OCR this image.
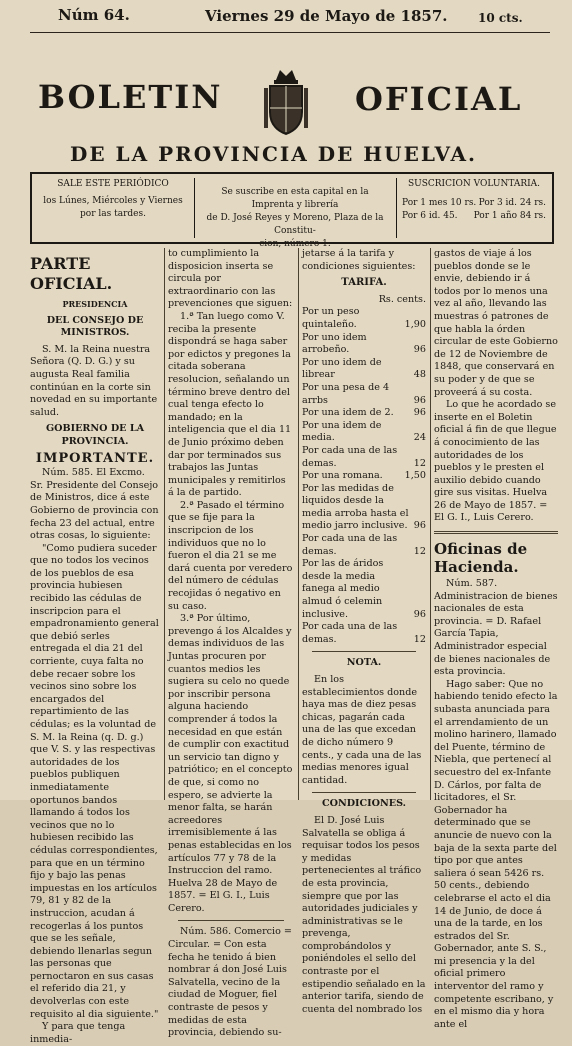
Núm 64.	Viernes 29 de Mayo de 1857.	10 cts.
BOLETIN	OFICIAL
DE LA PROVINCIA DE HUELVA.
SALE ESTE PERIÓDICO
los Lúnes, Miércoles y Viernes
por las tardes.
Se suscribe en esta capital en la Imprenta y librería
de D. José Reyes y Moreno, Plaza de la Constitu-
cion, número 1.
SUSCRICION VOLUNTARIA.
Por 1 mes 10 rs. Por 3 id. 24 rs.
Por 6 id. 45. Por 1 año 84 rs.

PARTE OFICIAL.

PRESIDENCIA

DEL CONSEJO DE MINISTROS.

S. M. la Reina nuestra Señora (Q. D. G.) y su augusta Real familia continúan en la corte sin novedad en su importante salud.

GOBIERNO DE LA PROVINCIA.

IMPORTANTE.

Núm. 585. El Excmo. Sr. Presidente del Consejo de Ministros, dice á este Gobierno de provincia con fecha 23 del actual, entre otras cosas, lo siguiente:

"Como pudiera suceder que no todos los vecinos de los pueblos de esa provincia hubiesen recibido las cédulas de inscripcion para el empadronamiento general que debió serles entregada el dia 21 del corriente, cuya falta no debe recaer sobre los vecinos sino sobre los encargados del repartimiento de las cédulas; es la voluntad de S. M. la Reina (q. D. g.) que V. S. y las respectivas autoridades de los pueblos publiquen inmediatamente oportunos bandos llamando á todos los vecinos que no lo hubiesen recibido las cédulas correspondientes, para que en un término fijo y bajo las penas impuestas en los artículos 79, 81 y 82 de la instruccion, acudan á recogerlas á los puntos que se les señale, debiendo llenarlas segun las personas que pernoctaron en sus casas el referido dia 21, y devolverlas con este requisito al dia siguiente."

Y para que tenga inmedia-

to cumplimiento la disposicion inserta se circula por extraordinario con las prevenciones que siguen:

1.ª Tan luego como V. reciba la presente dispondrá se haga saber por edictos y pregones la citada soberana resolucion, señalando un término breve dentro del cual tenga efecto lo mandado; en la inteligencia que el dia 11 de Junio próximo deben dar por terminados sus trabajos las Juntas municipales y remitirlos á la de partido.

2.ª Pasado el término que se fije para la inscripcion de los individuos que no lo fueron el dia 21 se me dará cuenta por veredero del número de cédulas recojidas ó negativo en su caso.

3.ª Por último, prevengo á los Alcaldes y demas individuos de las Juntas procuren por cuantos medios les sugiera su celo no quede por inscribir persona alguna haciendo comprender á todos la necesidad en que están de cumplir con exactitud un servicio tan digno y patriótico; en el concepto de que, si como no espero, se advierte la menor falta, se harán acreedores irremisiblemente á las penas establecidas en los artículos 77 y 78 de la Instruccion del ramo. Huelva 28 de Mayo de 1857. = El G. I., Luis Cerero.

Núm. 586. Comercio = Circular. = Con esta fecha he tenido á bien nombrar á don José Luis Salvatella, vecino de la ciudad de Moguer, fiel contraste de pesos y medidas de esta provincia, debiendo su-

jetarse á la tarifa y condiciones siguientes:

TARIFA.

Rs. cents.

Por un peso quintaleño.	1,90
Por uno idem arrobeño.	96
Por uno idem de librear	48
Por una pesa de 4 arrbs	96
Por una idem de 2.	96
Por una idem de media.	24
Por cada una de las demas.	12
Por una romana.	1,50
Por las medidas de liquidos desde la media arroba hasta el medio jarro inclusive. 96
Por cada una de las demas.	12
Por las de áridos desde la media fanega al medio almud ó celemin inclusive.	96
Por cada una de las demas.	12

NOTA.

En los establecimientos donde haya mas de diez pesas chicas, pagarán cada una de las que excedan de dicho número 9 cents., y cada una de las medias menores igual cantidad.

CONDICIONES.

El D. José Luis Salvatella se obliga á requisar todos los pesos y medidas pertenecientes al tráfico de esta provincia, siempre que por las autoridades judiciales y administrativas se le prevenga, comprobándolos y poniéndoles el sello del contraste por el estipendio señalado en la anterior tarifa, siendo de cuenta del nombrado los

gastos de viaje á los pueblos donde se le envie, debiendo ir á todos por lo menos una vez al año, llevando las muestras ó patrones de que habla la órden circular de este Gobierno de 12 de Noviembre de 1848, que conservará en su poder y de que se proveerá á su costa.

Lo que he acordado se inserte en el Boletin oficial á fin de que llegue á conocimiento de las autoridades de los pueblos y le presten el auxilio debido cuando gire sus visitas. Huelva 26 de Mayo de 1857. = El G. I., Luis Cerero.

Oficinas de Hacienda.

Núm. 587. Administracion de bienes nacionales de esta provincia. = D. Rafael García Tapia, Administrador especial de bienes nacionales de esta provincia.

Hago saber: Que no habiendo tenido efecto la subasta anunciada para el arrendamiento de un molino harinero, llamado del Puente, término de Niebla, que pertenecí al secuestro del ex-Infante D. Cárlos, por falta de licitadores, el Sr. Gobernador ha determinado que se anuncie de nuevo con la baja de la sexta parte del tipo por que antes saliera ó sean 5426 rs. 50 cents., debiendo celebrarse el acto el dia 14 de Junio, de doce á una de la tarde, en los estrados del Sr. Gobernador, ante S. S., mi presencia y la del oficial primero interventor del ramo y competente escribano, y en el mismo dia y hora ante el
